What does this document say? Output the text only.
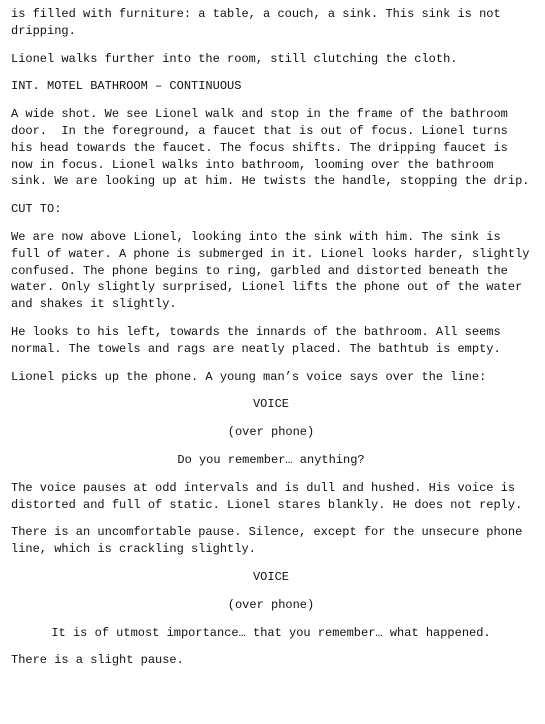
is filled with furniture: a table, a couch, a sink. This sink is not dripping.

Lionel walks further into the room, still clutching the cloth.

INT. MOTEL BATHROOM – CONTINUOUS

A wide shot. We see Lionel walk and stop in the frame of the bathroom door.  In the foreground, a faucet that is out of focus. Lionel turns his head towards the faucet. The focus shifts. The dripping faucet is now in focus. Lionel walks into bathroom, looming over the bathroom sink. We are looking up at him. He twists the handle, stopping the drip.

CUT TO:

We are now above Lionel, looking into the sink with him. The sink is full of water. A phone is submerged in it. Lionel looks harder, slightly confused. The phone begins to ring, garbled and distorted beneath the water. Only slightly surprised, Lionel lifts the phone out of the water and shakes it slightly.

He looks to his left, towards the innards of the bathroom. All seems normal. The towels and rags are neatly placed. The bathtub is empty.

Lionel picks up the phone. A young man’s voice says over the line:

VOICE

(over phone)

Do you remember… anything?

The voice pauses at odd intervals and is dull and hushed. His voice is distorted and full of static. Lionel stares blankly. He does not reply.

There is an uncomfortable pause. Silence, except for the unsecure phone line, which is crackling slightly.

VOICE

(over phone)

It is of utmost importance… that you remember… what happened.

There is a slight pause.
